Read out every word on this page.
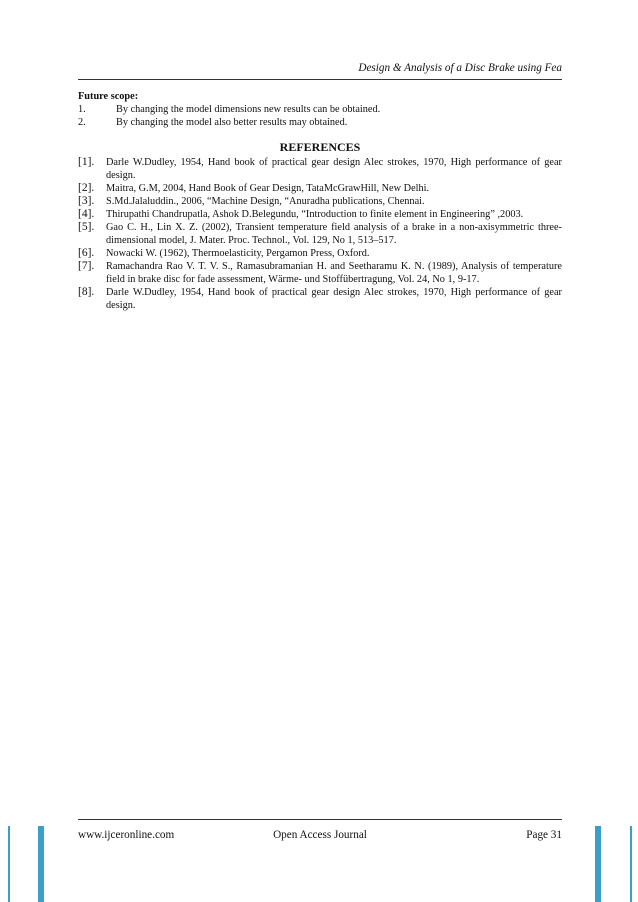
Design & Analysis of a Disc Brake using Fea
Future scope:
1.	By changing the model dimensions new results can be obtained.
2.	By changing the model also better results may obtained.
REFERENCES
[1].	Darle W.Dudley, 1954, Hand book of practical gear design Alec strokes, 1970, High performance of gear design.
[2].	Maitra, G.M, 2004, Hand Book of Gear Design, TataMcGrawHill, New Delhi.
[3].	S.Md.Jalaluddin., 2006, “Machine Design, “Anuradha publications, Chennai.
[4].	Thirupathi Chandrupatla, Ashok D.Belegundu, “Introduction to finite element in Engineering” ,2003.
[5].	Gao C. H., Lin X. Z. (2002), Transient temperature field analysis of a brake in a non-axisymmetric three-dimensional model, J. Mater. Proc. Technol., Vol. 129, No 1, 513–517.
[6].	Nowacki W. (1962), Thermoelasticity, Pergamon Press, Oxford.
[7].	Ramachandra Rao V. T. V. S., Ramasubramanian H. and Seetharamu K. N. (1989), Analysis of temperature field in brake disc for fade assessment, Wärme- und Stoffübertragung, Vol. 24, No 1, 9-17.
[8].	Darle W.Dudley, 1954, Hand book of practical gear design Alec strokes, 1970, High performance of gear design.
www.ijceronline.com	Open Access Journal	Page 31
